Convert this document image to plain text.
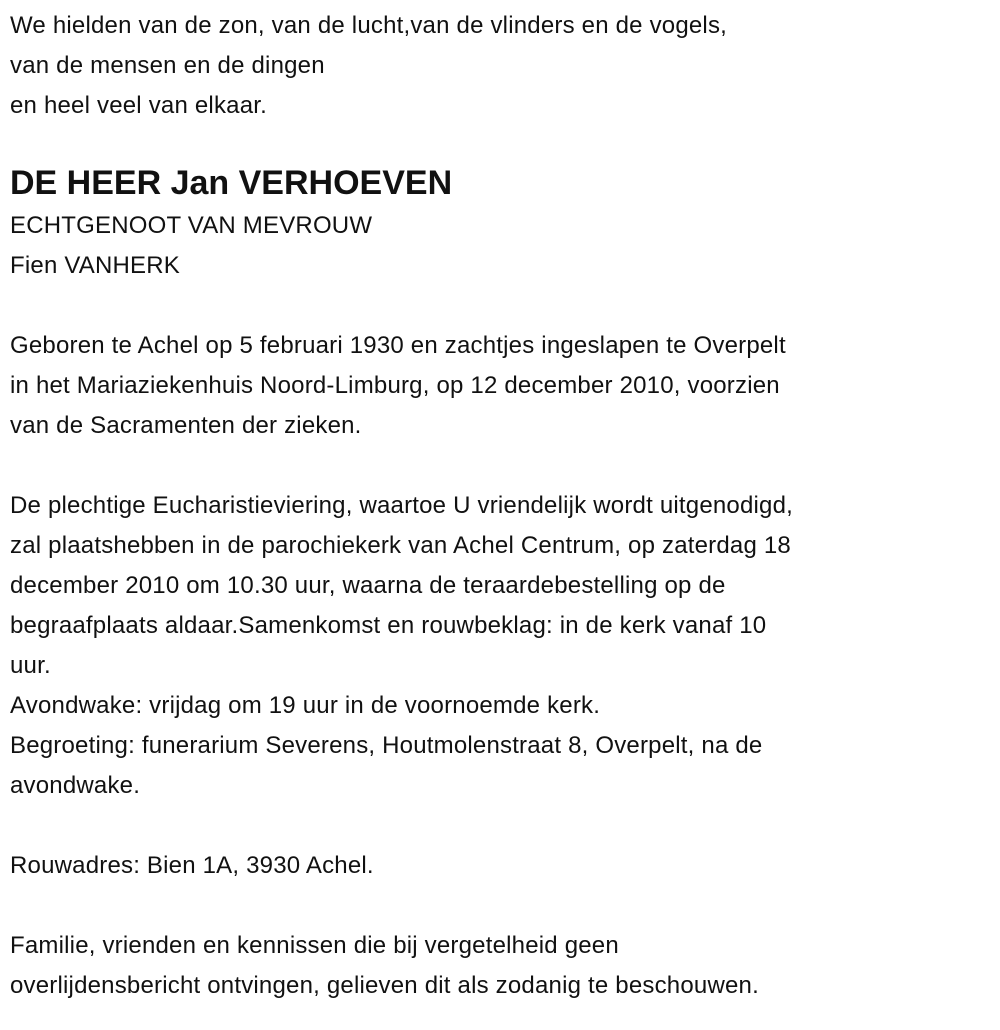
We hielden van de zon, van de lucht,van de vlinders en de vogels,
van de mensen en de dingen
en heel veel van elkaar.
DE HEER Jan VERHOEVEN
ECHTGENOOT VAN MEVROUW
Fien VANHERK
Geboren te Achel op 5 februari 1930 en zachtjes ingeslapen te Overpelt
in het Mariaziekenhuis Noord-Limburg, op 12 december 2010, voorzien
van de Sacramenten der zieken.
De plechtige Eucharistieviering, waartoe U vriendelijk wordt uitgenodigd,
zal plaatshebben in de parochiekerk van Achel Centrum, op zaterdag 18
december 2010 om 10.30 uur, waarna de teraardebestelling op de
begraafplaats aldaar.Samenkomst en rouwbeklag: in de kerk vanaf 10
uur.
Avondwake: vrijdag om 19 uur in de voornoemde kerk.
Begroeting: funerarium Severens, Houtmolenstraat 8, Overpelt, na de
avondwake.
Rouwadres: Bien 1A, 3930 Achel.
Familie, vrienden en kennissen die bij vergetelheid geen
overlijdensbericht ontvingen, gelieven dit als zodanig te beschouwen.
